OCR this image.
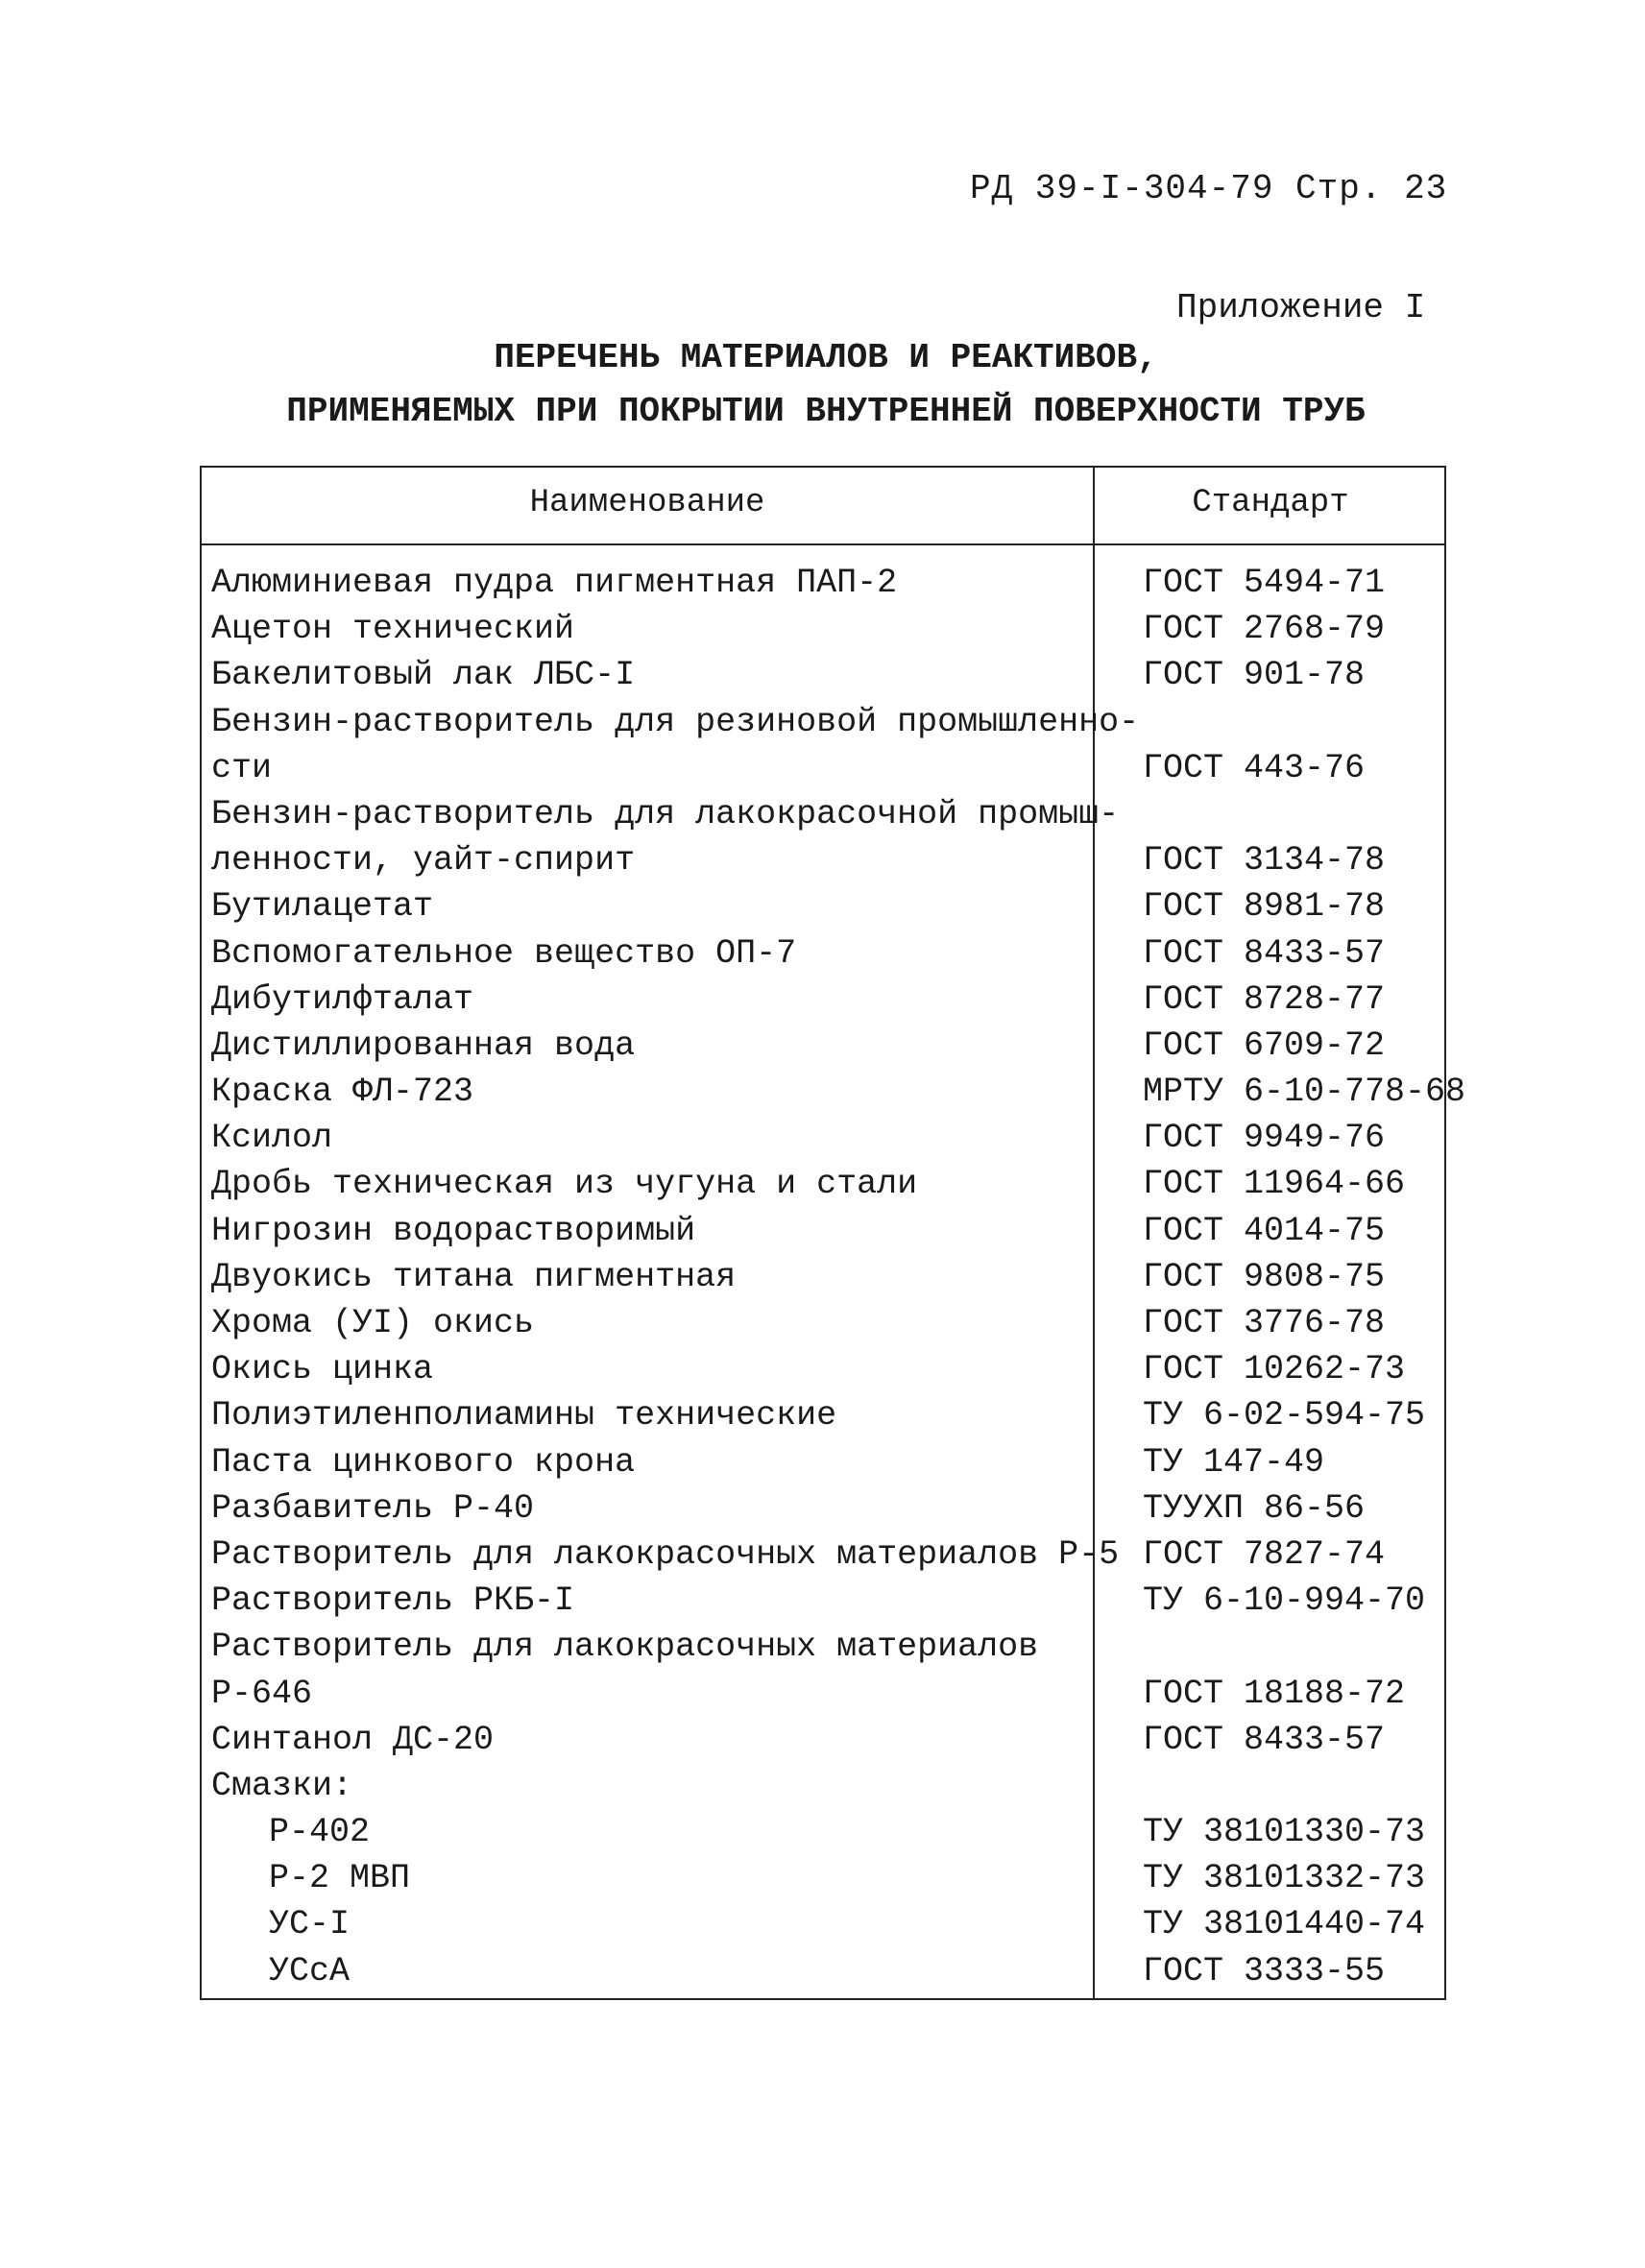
РД 39-I-304-79 Стр. 23
Приложение I
ПЕРЕЧЕНЬ МАТЕРИАЛОВ И РЕАКТИВОВ,
ПРИМЕНЯЕМЫХ ПРИ ПОКРЫТИИ ВНУТРЕННЕЙ ПОВЕРХНОСТИ ТРУБ
Наименование	Стандарт
Алюминиевая пудра пигментная ПАП-2	ГОСТ 5494-71
Ацетон технический	ГОСТ 2768-79
Бакелитовый лак ЛБС-I	ГОСТ 901-78
Бензин-растворитель для резиновой промышленно-
сти	ГОСТ 443-76
Бензин-растворитель для лакокрасочной промыш-
ленности, уайт-спирит	ГОСТ 3134-78
Бутилацетат	ГОСТ 8981-78
Вспомогательное вещество ОП-7	ГОСТ 8433-57
Дибутилфталат	ГОСТ 8728-77
Дистиллированная вода	ГОСТ 6709-72
Краска ФЛ-723	МРТУ 6-10-778-68
Ксилол	ГОСТ 9949-76
Дробь техническая из чугуна и стали	ГОСТ 11964-66
Нигрозин водорастворимый	ГОСТ 4014-75
Двуокись титана пигментная	ГОСТ 9808-75
Хрома (УI) окись	ГОСТ 3776-78
Окись цинка	ГОСТ 10262-73
Полиэтиленполиамины технические	ТУ 6-02-594-75
Паста цинкового крона	ТУ 147-49
Разбавитель Р-40	ТУУХП 86-56
Растворитель для лакокрасочных материалов Р-5 ГОСТ 7827-74
Растворитель РКБ-I	ТУ 6-10-994-70
Растворитель для лакокрасочных материалов
Р-646	ГОСТ 18188-72
Синтанол ДС-20	ГОСТ 8433-57
Смазки:
Р-402	ТУ 38101330-73
Р-2 МВП	ТУ 38101332-73
УС-I	ТУ 38101440-74
УСсА	ГОСТ 3333-55
